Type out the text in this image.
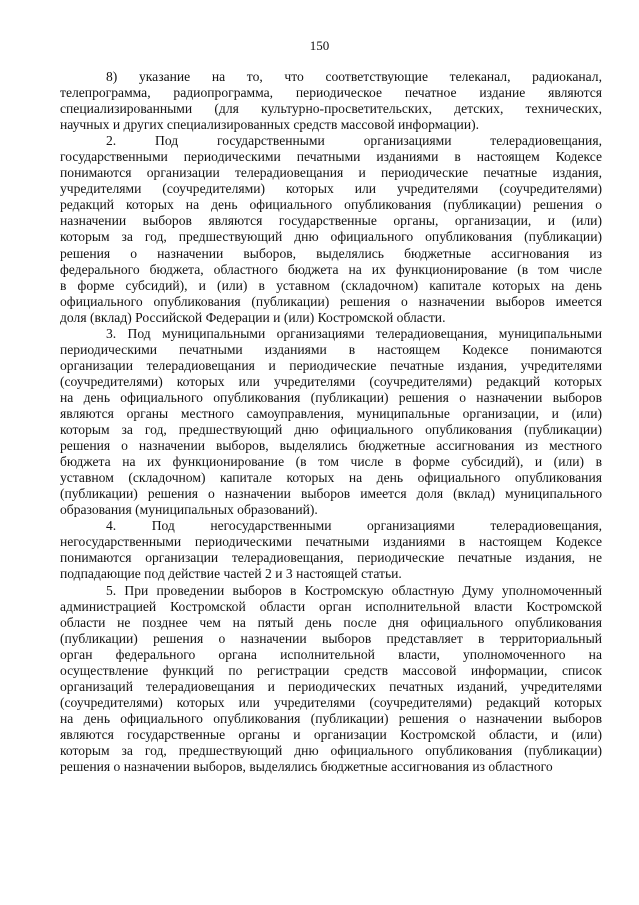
150
8) указание на то, что соответствующие телеканал, радиоканал,
телепрограмма, радиопрограмма, периодическое печатное издание являются
специализированными (для культурно-просветительских, детских, технических,
научных и других специализированных средств массовой информации).
2. Под государственными организациями телерадиовещания,
государственными периодическими печатными изданиями в настоящем Кодексе
понимаются организации телерадиовещания и периодические печатные издания,
учредителями (соучредителями) которых или учредителями (соучредителями)
редакций которых на день официального опубликования (публикации) решения о
назначении выборов являются государственные органы, организации, и (или)
которым за год, предшествующий дню официального опубликования (публикации)
решения о назначении выборов, выделялись бюджетные ассигнования из
федерального бюджета, областного бюджета на их функционирование (в том числе
в форме субсидий), и (или) в уставном (складочном) капитале которых на день
официального опубликования (публикации) решения о назначении выборов имеется
доля (вклад) Российской Федерации и (или) Костромской области.
3. Под муниципальными организациями телерадиовещания, муниципальными
периодическими печатными изданиями в настоящем Кодексе понимаются
организации телерадиовещания и периодические печатные издания, учредителями
(соучредителями) которых или учредителями (соучредителями) редакций которых
на день официального опубликования (публикации) решения о назначении выборов
являются органы местного самоуправления, муниципальные организации, и (или)
которым за год, предшествующий дню официального опубликования (публикации)
решения о назначении выборов, выделялись бюджетные ассигнования из местного
бюджета на их функционирование (в том числе в форме субсидий), и (или) в
уставном (складочном) капитале которых на день официального опубликования
(публикации) решения о назначении выборов имеется доля (вклад) муниципального
образования (муниципальных образований).
4. Под негосударственными организациями телерадиовещания,
негосударственными периодическими печатными изданиями в настоящем Кодексе
понимаются организации телерадиовещания, периодические печатные издания, не
подпадающие под действие частей 2 и 3 настоящей статьи.
5. При проведении выборов в Костромскую областную Думу уполномоченный
администрацией Костромской области орган исполнительной власти Костромской
области не позднее чем на пятый день после дня официального опубликования
(публикации) решения о назначении выборов представляет в территориальный
орган федерального органа исполнительной власти, уполномоченного на
осуществление функций по регистрации средств массовой информации, список
организаций телерадиовещания и периодических печатных изданий, учредителями
(соучредителями) которых или учредителями (соучредителями) редакций которых
на день официального опубликования (публикации) решения о назначении выборов
являются государственные органы и организации Костромской области, и (или)
которым за год, предшествующий дню официального опубликования (публикации)
решения о назначении выборов, выделялись бюджетные ассигнования из областного
